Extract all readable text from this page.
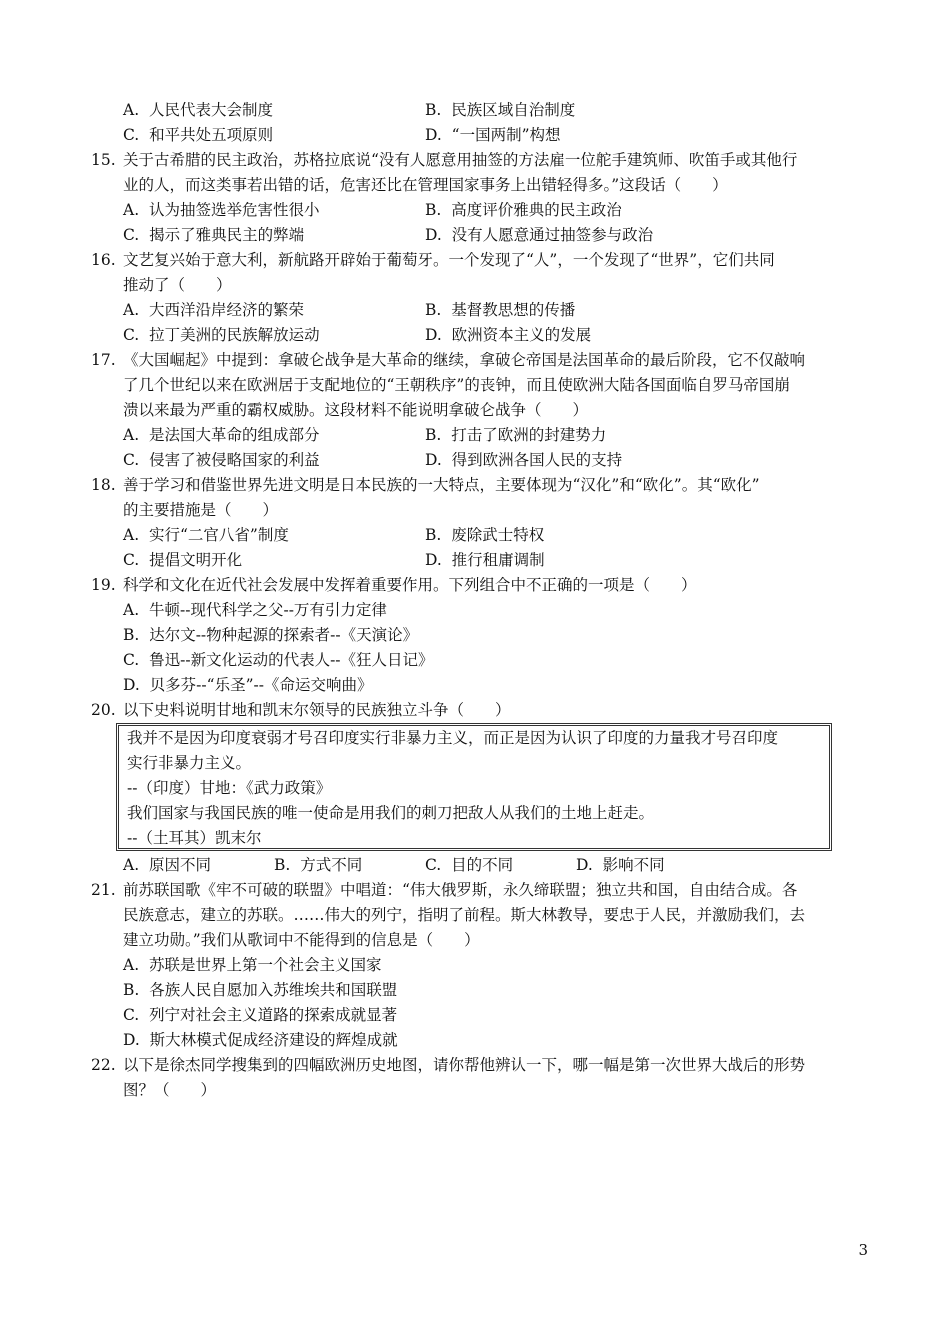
A. 人民代表大会制度	B. 民族区域自治制度
C. 和平共处五项原则	D. “一国两制”构想
15. 关于古希腊的民主政治，苏格拉底说“没有人愿意用抽签的方法雇一位舵手建筑师、吹笛手或其他行
业的人，而这类事若出错的话，危害还比在管理国家事务上出错轻得多。”这段话（　　）
A. 认为抽签选举危害性很小	B. 高度评价雅典的民主政治
C. 揭示了雅典民主的弊端	D. 没有人愿意通过抽签参与政治
16. 文艺复兴始于意大利，新航路开辟始于葡萄牙。一个发现了“人”，一个发现了“世界”，它们共同
推动了（　　）
A. 大西洋沿岸经济的繁荣	B. 基督教思想的传播
C. 拉丁美洲的民族解放运动	D. 欧洲资本主义的发展
17. 《大国崛起》中提到：拿破仑战争是大革命的继续，拿破仑帝国是法国革命的最后阶段，它不仅敲响
了几个世纪以来在欧洲居于支配地位的“王朝秩序”的丧钟，而且使欧洲大陆各国面临自罗马帝国崩
溃以来最为严重的霸权威胁。这段材料不能说明拿破仑战争（　　）
A. 是法国大革命的组成部分	B. 打击了欧洲的封建势力
C. 侵害了被侵略国家的利益	D. 得到欧洲各国人民的支持
18. 善于学习和借鉴世界先进文明是日本民族的一大特点，主要体现为“汉化”和“欧化”。其“欧化”
的主要措施是（　　）
A. 实行“二官八省”制度	B. 废除武士特权
C. 提倡文明开化	D. 推行租庸调制
19. 科学和文化在近代社会发展中发挥着重要作用。下列组合中不正确的一项是（　　）
A. 牛顿--现代科学之父--万有引力定律
B. 达尔文--物种起源的探索者--《天演论》
C. 鲁迅--新文化运动的代表人--《狂人日记》
D. 贝多芬--“乐圣”--《命运交响曲》
20. 以下史料说明甘地和凯末尔领导的民族独立斗争（　　）
我并不是因为印度衰弱才号召印度实行非暴力主义，而正是因为认识了印度的力量我才号召印度
实行非暴力主义。
--（印度）甘地：《武力政策》
我们国家与我国民族的唯一使命是用我们的刺刀把敌人从我们的土地上赶走。
--（土耳其）凯末尔
A. 原因不同	B. 方式不同	C. 目的不同	D. 影响不同
21. 前苏联国歌《牢不可破的联盟》中唱道：“伟大俄罗斯，永久缔联盟；独立共和国，自由结合成。各
民族意志，建立的苏联。……伟大的列宁，指明了前程。斯大林教导，要忠于人民，并激励我们，去
建立功勋。”我们从歌词中不能得到的信息是（　　）
A. 苏联是世界上第一个社会主义国家
B. 各族人民自愿加入苏维埃共和国联盟
C. 列宁对社会主义道路的探索成就显著
D. 斯大林模式促成经济建设的辉煌成就
22. 以下是徐杰同学搜集到的四幅欧洲历史地图，请你帮他辨认一下，哪一幅是第一次世界大战后的形势
图？（　　）
3
